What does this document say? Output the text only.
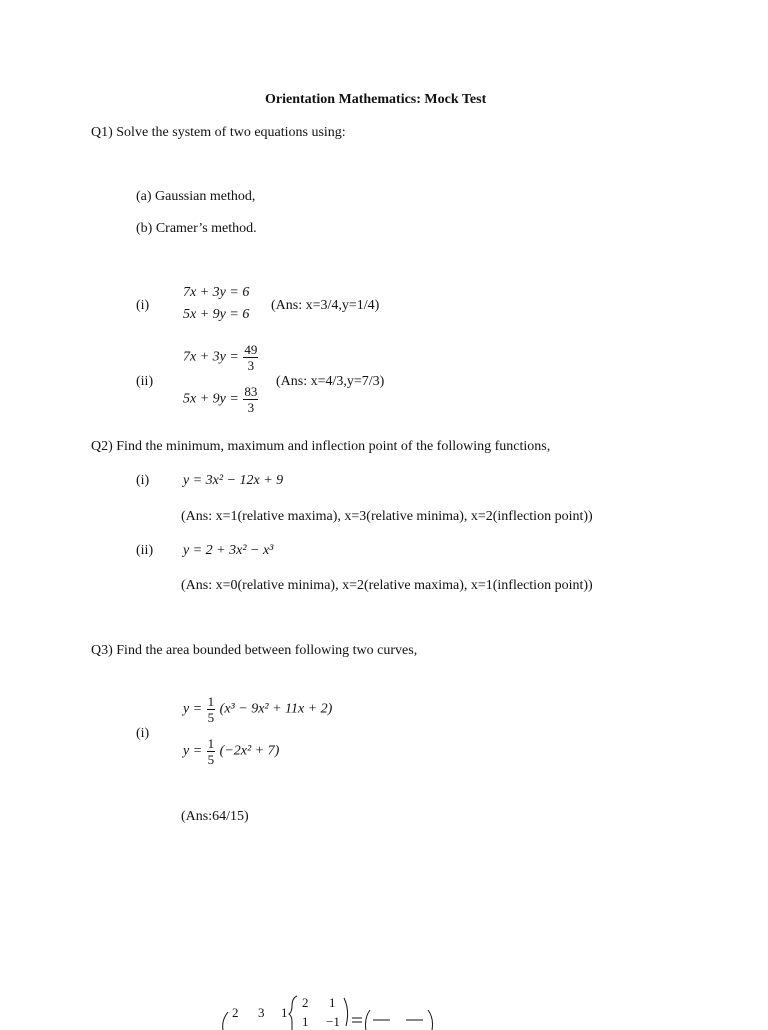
Orientation Mathematics: Mock Test
Q1) Solve the system of two equations using:
(a) Gaussian method,
(b) Cramer’s method.
(i)
7x + 3y = 6
5x + 9y = 6
(Ans: x=3/4,y=1/4)
(ii)
$7x + 3y = \frac{49}{3}$
$5x + 9y = \frac{83}{3}$
(Ans: x=4/3,y=7/3)
Q2) Find the minimum, maximum and inflection point of the following functions,
(i) y = 3x² − 12x + 9
(Ans: x=1(relative maxima), x=3(relative minima), x=2(inflection point))
(ii) y = 2 + 3x² − x³
(Ans: x=0(relative minima), x=2(relative maxima), x=1(inflection point))
Q3) Find the area bounded between following two curves,
(i)
$y = \frac{1}{5} (x^3 - 9x^2 + 11x + 2)$
$y = \frac{1}{5} (-2x^2 + 7)$
(Ans:64/15)
2 3 1
2 1
1 −1
